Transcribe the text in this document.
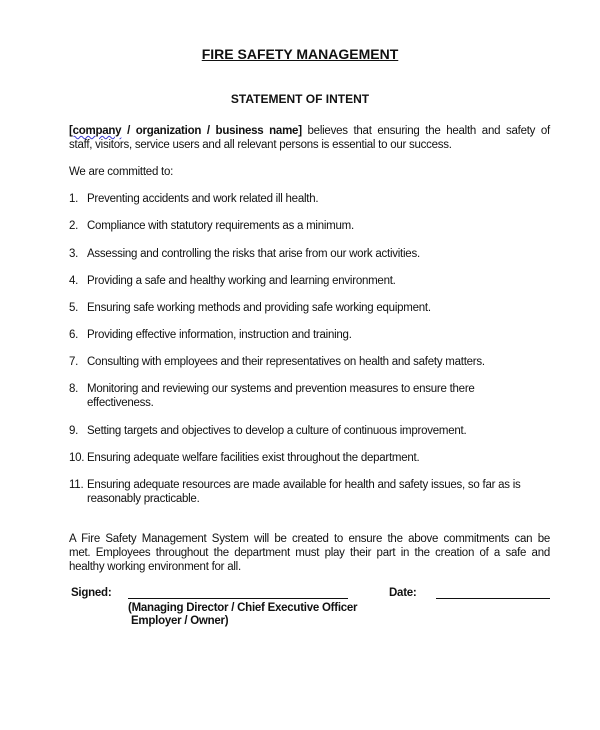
FIRE SAFETY MANAGEMENT
STATEMENT OF INTENT
[company / organization / business name] believes that ensuring the health and safety of
staff, visitors, service users and all relevant persons is essential to our success.
We are committed to:
1. Preventing accidents and work related ill health.
2. Compliance with statutory requirements as a minimum.
3. Assessing and controlling the risks that arise from our work activities.
4. Providing a safe and healthy working and learning environment.
5. Ensuring safe working methods and providing safe working equipment.
6. Providing effective information, instruction and training.
7. Consulting with employees and their representatives on health and safety matters.
8. Monitoring and reviewing our systems and prevention measures to ensure there
effectiveness.
9. Setting targets and objectives to develop a culture of continuous improvement.
10. Ensuring adequate welfare facilities exist throughout the department.
11. Ensuring adequate resources are made available for health and safety issues, so far as is
reasonably practicable.
A Fire Safety Management System will be created to ensure the above commitments can be
met. Employees throughout the department must play their part in the creation of a safe and
healthy working environment for all.
Signed:	Date:
(Managing Director / Chief Executive Officer
Employer / Owner)
